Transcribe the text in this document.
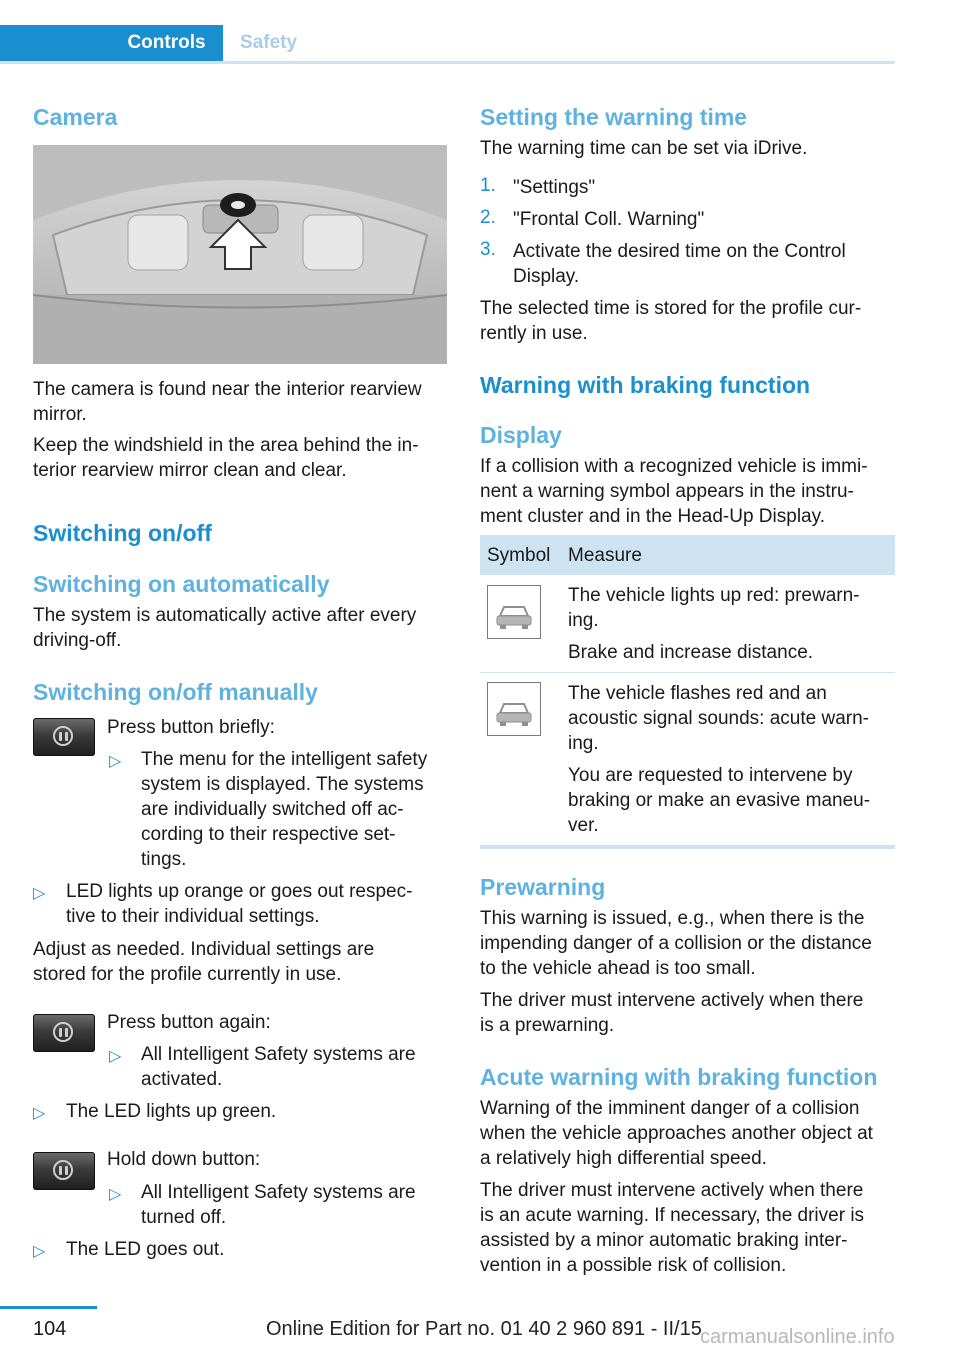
Controls Safety
Camera
The camera is found near the interior rearview
mirror.
Keep the windshield in the area behind the in‐
terior rearview mirror clean and clear.
Switching on/off
Switching on automatically
The system is automatically active after every
driving-off.
Switching on/off manually
Press button briefly:
▷ The menu for the intelligent safety
system is displayed. The systems
are individually switched off ac‐
cording to their respective set‐
tings.
▷ LED lights up orange or goes out respec‐
tive to their individual settings.
Adjust as needed. Individual settings are
stored for the profile currently in use.
Press button again:
▷ All Intelligent Safety systems are
activated.
▷ The LED lights up green.
Hold down button:
▷ All Intelligent Safety systems are
turned off.
▷ The LED goes out.
Setting the warning time
The warning time can be set via iDrive.
1. "Settings"
2. "Frontal Coll. Warning"
3. Activate the desired time on the Control
Display.
The selected time is stored for the profile cur‐
rently in use.
Warning with braking function
Display
If a collision with a recognized vehicle is immi‐
nent a warning symbol appears in the instru‐
ment cluster and in the Head-Up Display.
Symbol Measure
The vehicle lights up red: prewarn‐
ing.
Brake and increase distance.
The vehicle flashes red and an
acoustic signal sounds: acute warn‐
ing.
You are requested to intervene by
braking or make an evasive maneu‐
ver.
Prewarning
This warning is issued, e.g., when there is the
impending danger of a collision or the distance
to the vehicle ahead is too small.
The driver must intervene actively when there
is a prewarning.
Acute warning with braking function
Warning of the imminent danger of a collision
when the vehicle approaches another object at
a relatively high differential speed.
The driver must intervene actively when there
is an acute warning. If necessary, the driver is
assisted by a minor automatic braking inter‐
vention in a possible risk of collision.
104	Online Edition for Part no. 01 40 2 960 891 - II/15
carmanualsonline.info
